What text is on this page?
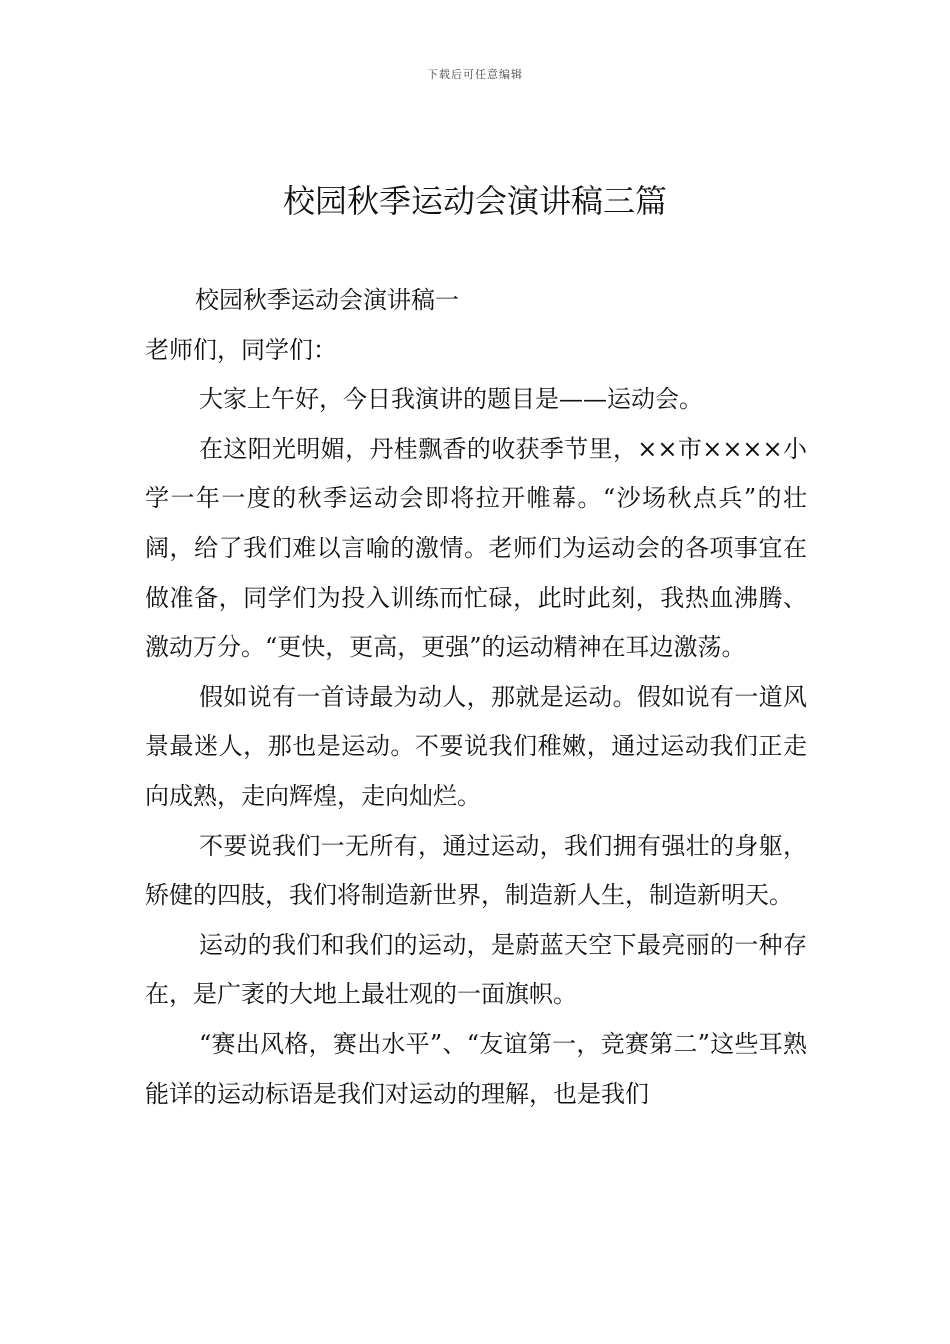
下载后可任意编辑
校园秋季运动会演讲稿三篇

校园秋季运动会演讲稿一

老师们，同学们：

大家上午好，今日我演讲的题目是——运动会。

在这阳光明媚，丹桂飘香的收获季节里，××市××××小学一年一度的秋季运动会即将拉开帷幕。“沙场秋点兵”的壮阔，给了我们难以言喻的激情。老师们为运动会的各项事宜在做准备，同学们为投入训练而忙碌，此时此刻，我热血沸腾、激动万分。“更快，更高，更强”的运动精神在耳边激荡。

假如说有一首诗最为动人，那就是运动。假如说有一道风景最迷人，那也是运动。不要说我们稚嫩，通过运动我们正走向成熟，走向辉煌，走向灿烂。

不要说我们一无所有，通过运动，我们拥有强壮的身躯，矫健的四肢，我们将制造新世界，制造新人生，制造新明天。

运动的我们和我们的运动，是蔚蓝天空下最亮丽的一种存在，是广袤的大地上最壮观的一面旗帜。

“赛出风格，赛出水平”、“友谊第一，竞赛第二”这些耳熟能详的运动标语是我们对运动的理解，也是我们
